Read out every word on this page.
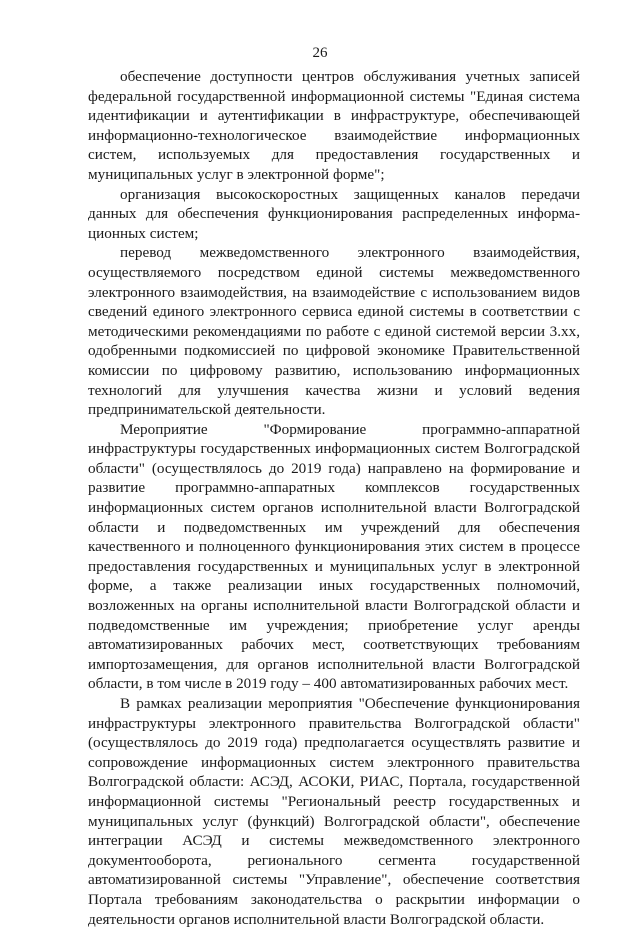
26

обеспечение доступности центров обслуживания учетных записей федеральной государственной информационной системы "Единая система идентификации и аутентификации в инфраструктуре, обеспечивающей информационно-технологическое взаимодействие информационных систем, используемых для предоставления государственных и муниципальных услуг в электронной форме";

организация высокоскоростных защищенных каналов передачи данных для обеспечения функционирования распределенных информационных систем;

перевод межведомственного электронного взаимодействия, осуществляемого посредством единой системы межведомственного электронного взаимодействия, на взаимодействие с использованием видов сведений единого электронного сервиса единой системы в соответствии с методическими рекомендациями по работе с единой системой версии 3.хх, одобренными подкомиссией по цифровой экономике Правительственной комиссии по цифровому развитию, использованию информационных технологий для улучшения качества жизни и условий ведения предпринимательской деятельности.

Мероприятие "Формирование программно-аппаратной инфраструктуры государственных информационных систем Волгоградской области" (осуществлялось до 2019 года) направлено на формирование и развитие программно-аппаратных комплексов государственных информационных систем органов исполнительной власти Волгоградской области и подведомственных им учреждений для обеспечения качественного и полноценного функционирования этих систем в процессе предоставления государственных и муниципальных услуг в электронной форме, а также реализации иных государственных полномочий, возложенных на органы исполнительной власти Волгоградской области и подведомственные им учреждения; приобретение услуг аренды автоматизированных рабочих мест, соответствующих требованиям импортозамещения, для органов исполнительной власти Волгоградской области, в том числе в 2019 году – 400 автоматизированных рабочих мест.

В рамках реализации мероприятия "Обеспечение функционирования инфраструктуры электронного правительства Волгоградской области" (осуществлялось до 2019 года) предполагается осуществлять развитие и сопровождение информационных систем электронного правительства Волгоградской области: АСЭД, АСОКИ, РИАС, Портала, государственной информационной системы "Региональный реестр государственных и муниципальных услуг (функций) Волгоградской области", обеспечение интеграции АСЭД и системы межведомственного электронного документооборота, регионального сегмента государственной автоматизированной системы "Управление", обеспечение соответствия Портала требованиям законодательства о раскрытии информации о деятельности органов исполнительной власти Волгоградской области.
